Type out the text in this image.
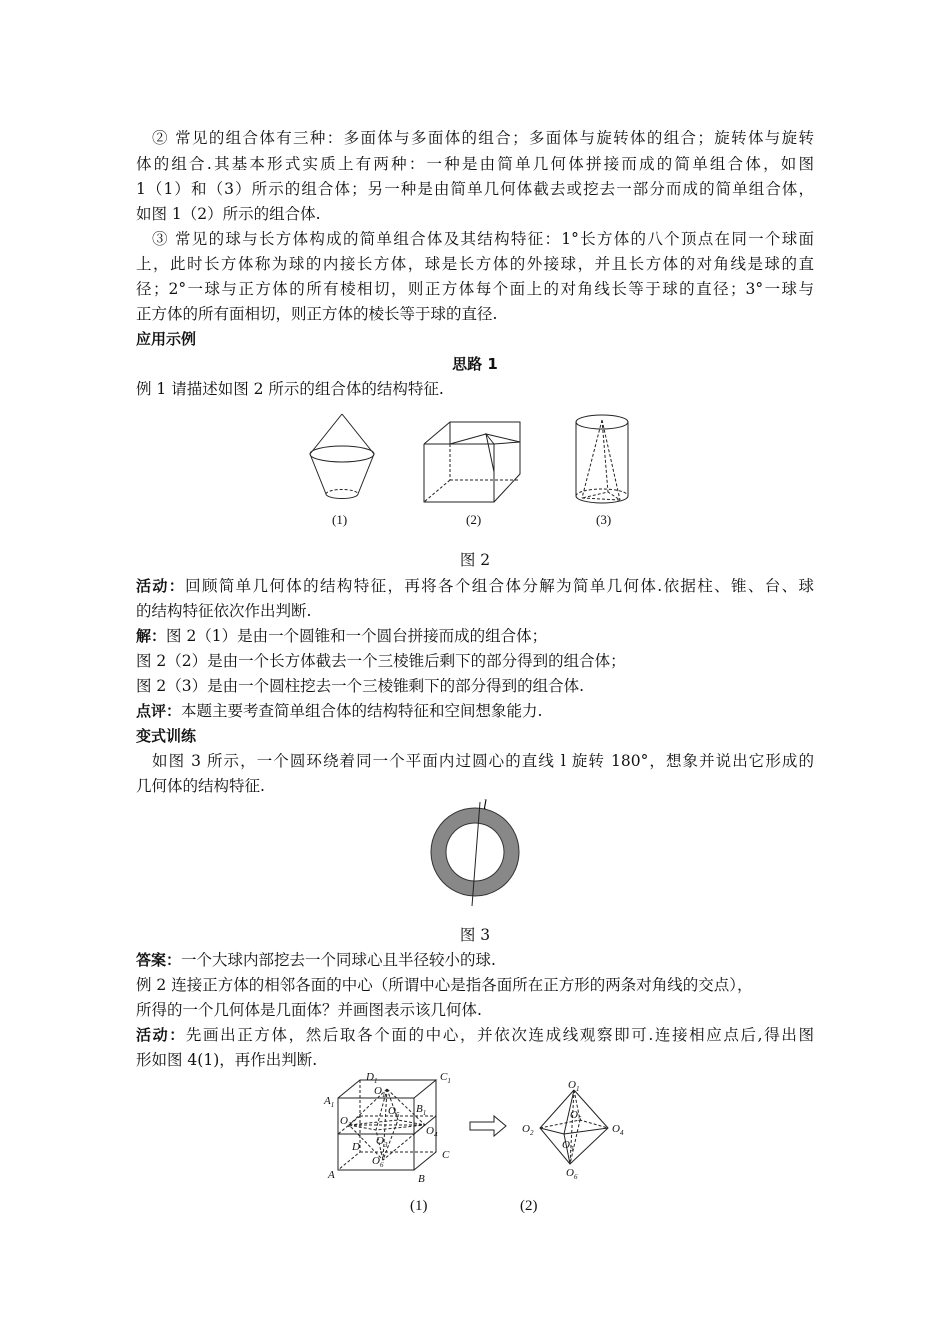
② 常见的组合体有三种：多面体与多面体的组合；多面体与旋转体的组合；旋转体与旋转
体的组合.其基本形式实质上有两种：一种是由简单几何体拼接而成的简单组合体，如图
1（1）和（3）所示的组合体；另一种是由简单几何体截去或挖去一部分而成的简单组合体，
如图 1（2）所示的组合体.
③ 常见的球与长方体构成的简单组合体及其结构特征：1°长方体的八个顶点在同一个球面
上，此时长方体称为球的内接长方体，球是长方体的外接球，并且长方体的对角线是球的直
径；2°一球与正方体的所有棱相切，则正方体每个面上的对角线长等于球的直径；3°一球与
正方体的所有面相切，则正方体的棱长等于球的直径.
应用示例
思路 1
例 1 请描述如图 2 所示的组合体的结构特征.
(1)	(2)	(3)
图 2
活动：回顾简单几何体的结构特征，再将各个组合体分解为简单几何体.依据柱、锥、台、球
的结构特征依次作出判断.
解：图 2（1）是由一个圆锥和一个圆台拼接而成的组合体；
图 2（2）是由一个长方体截去一个三棱锥后剩下的部分得到的组合体；
图 2（3）是由一个圆柱挖去一个三棱锥剩下的部分得到的组合体.
点评：本题主要考查简单组合体的结构特征和空间想象能力.
变式训练
如图 3 所示，一个圆环绕着同一个平面内过圆心的直线 l 旋转 180°，想象并说出它形成的
几何体的结构特征.
l
图 3
答案：一个大球内部挖去一个同球心且半径较小的球.
例 2 连接正方体的相邻各面的中心（所谓中心是指各面所在正方形的两条对角线的交点），
所得的一个几何体是几面体？并画图表示该几何体.
活动：先画出正方体，然后取各个面的中心，并依次连成线观察即可.连接相应点后,得出图
形如图 4(1)，再作出判断.
$D_1$	$C_1$
$A_1$	$B_1$
A	B
C
D
$O_1$
$O_2$
$O_3$
$O_4$
$O_5$
$O_6$
$O_1$
$O_2$
$O_3$
$O_4$
$O_5$
$O_6$
(1)	(2)
